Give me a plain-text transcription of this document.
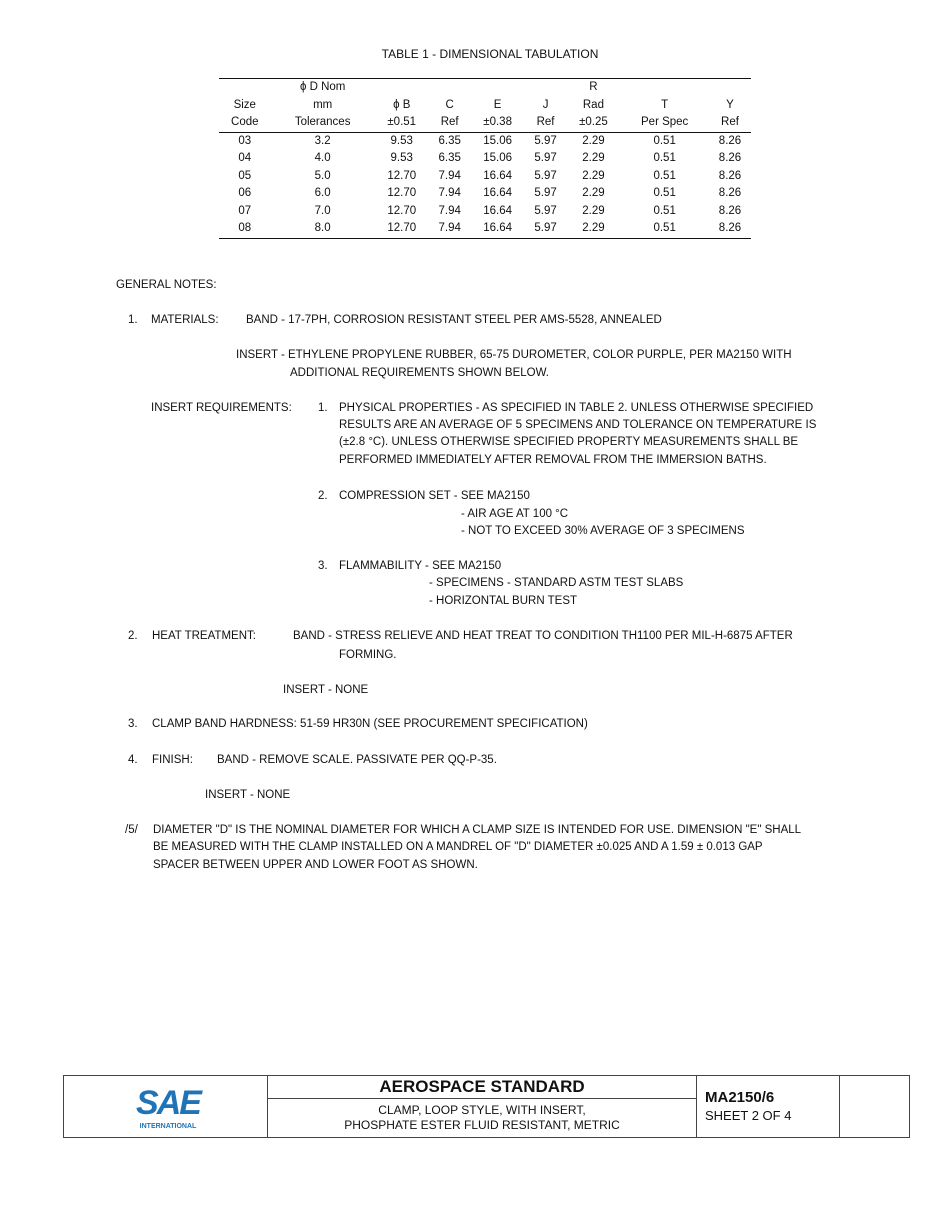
TABLE 1 - DIMENSIONAL TABULATION
	ϕ D Nom					R		
Size	mm	ϕ B	C	E	J	Rad	T	Y
Code	Tolerances	±0.51	Ref	±0.38	Ref	±0.25	Per Spec	Ref
03	3.2	9.53	6.35	15.06	5.97	2.29	0.51	8.26
04	4.0	9.53	6.35	15.06	5.97	2.29	0.51	8.26
05	5.0	12.70	7.94	16.64	5.97	2.29	0.51	8.26
06	6.0	12.70	7.94	16.64	5.97	2.29	0.51	8.26
07	7.0	12.70	7.94	16.64	5.97	2.29	0.51	8.26
08	8.0	12.70	7.94	16.64	5.97	2.29	0.51	8.26
GENERAL NOTES:
1. MATERIALS: BAND - 17-7PH, CORROSION RESISTANT STEEL PER AMS-5528, ANNEALED
INSERT - ETHYLENE PROPYLENE RUBBER, 65-75 DUROMETER, COLOR PURPLE, PER MA2150 WITH
ADDITIONAL REQUIREMENTS SHOWN BELOW.
INSERT REQUIREMENTS: 1. PHYSICAL PROPERTIES - AS SPECIFIED IN TABLE 2. UNLESS OTHERWISE SPECIFIED
RESULTS ARE AN AVERAGE OF 5 SPECIMENS AND TOLERANCE ON TEMPERATURE IS
(±2.8 °C). UNLESS OTHERWISE SPECIFIED PROPERTY MEASUREMENTS SHALL BE
PERFORMED IMMEDIATELY AFTER REMOVAL FROM THE IMMERSION BATHS.
2. COMPRESSION SET - SEE MA2150
- AIR AGE AT 100 °C
- NOT TO EXCEED 30% AVERAGE OF 3 SPECIMENS
3. FLAMMABILITY - SEE MA2150
- SPECIMENS - STANDARD ASTM TEST SLABS
- HORIZONTAL BURN TEST
2. HEAT TREATMENT:	BAND - STRESS RELIEVE AND HEAT TREAT TO CONDITION TH1100 PER MIL-H-6875 AFTER
FORMING.
INSERT - NONE
3. CLAMP BAND HARDNESS: 51-59 HR30N (SEE PROCUREMENT SPECIFICATION)
4. FINISH: BAND - REMOVE SCALE. PASSIVATE PER QQ-P-35.
INSERT - NONE
/5/ DIAMETER "D" IS THE NOMINAL DIAMETER FOR WHICH A CLAMP SIZE IS INTENDED FOR USE. DIMENSION "E" SHALL
BE MEASURED WITH THE CLAMP INSTALLED ON A MANDREL OF "D" DIAMETER ±0.025 AND A 1.59 ± 0.013 GAP
SPACER BETWEEN UPPER AND LOWER FOOT AS SHOWN.
SAE
INTERNATIONAL
AEROSPACE STANDARD
CLAMP, LOOP STYLE, WITH INSERT,
PHOSPHATE ESTER FLUID RESISTANT, METRIC
MA2150/6
SHEET 2 OF 4
